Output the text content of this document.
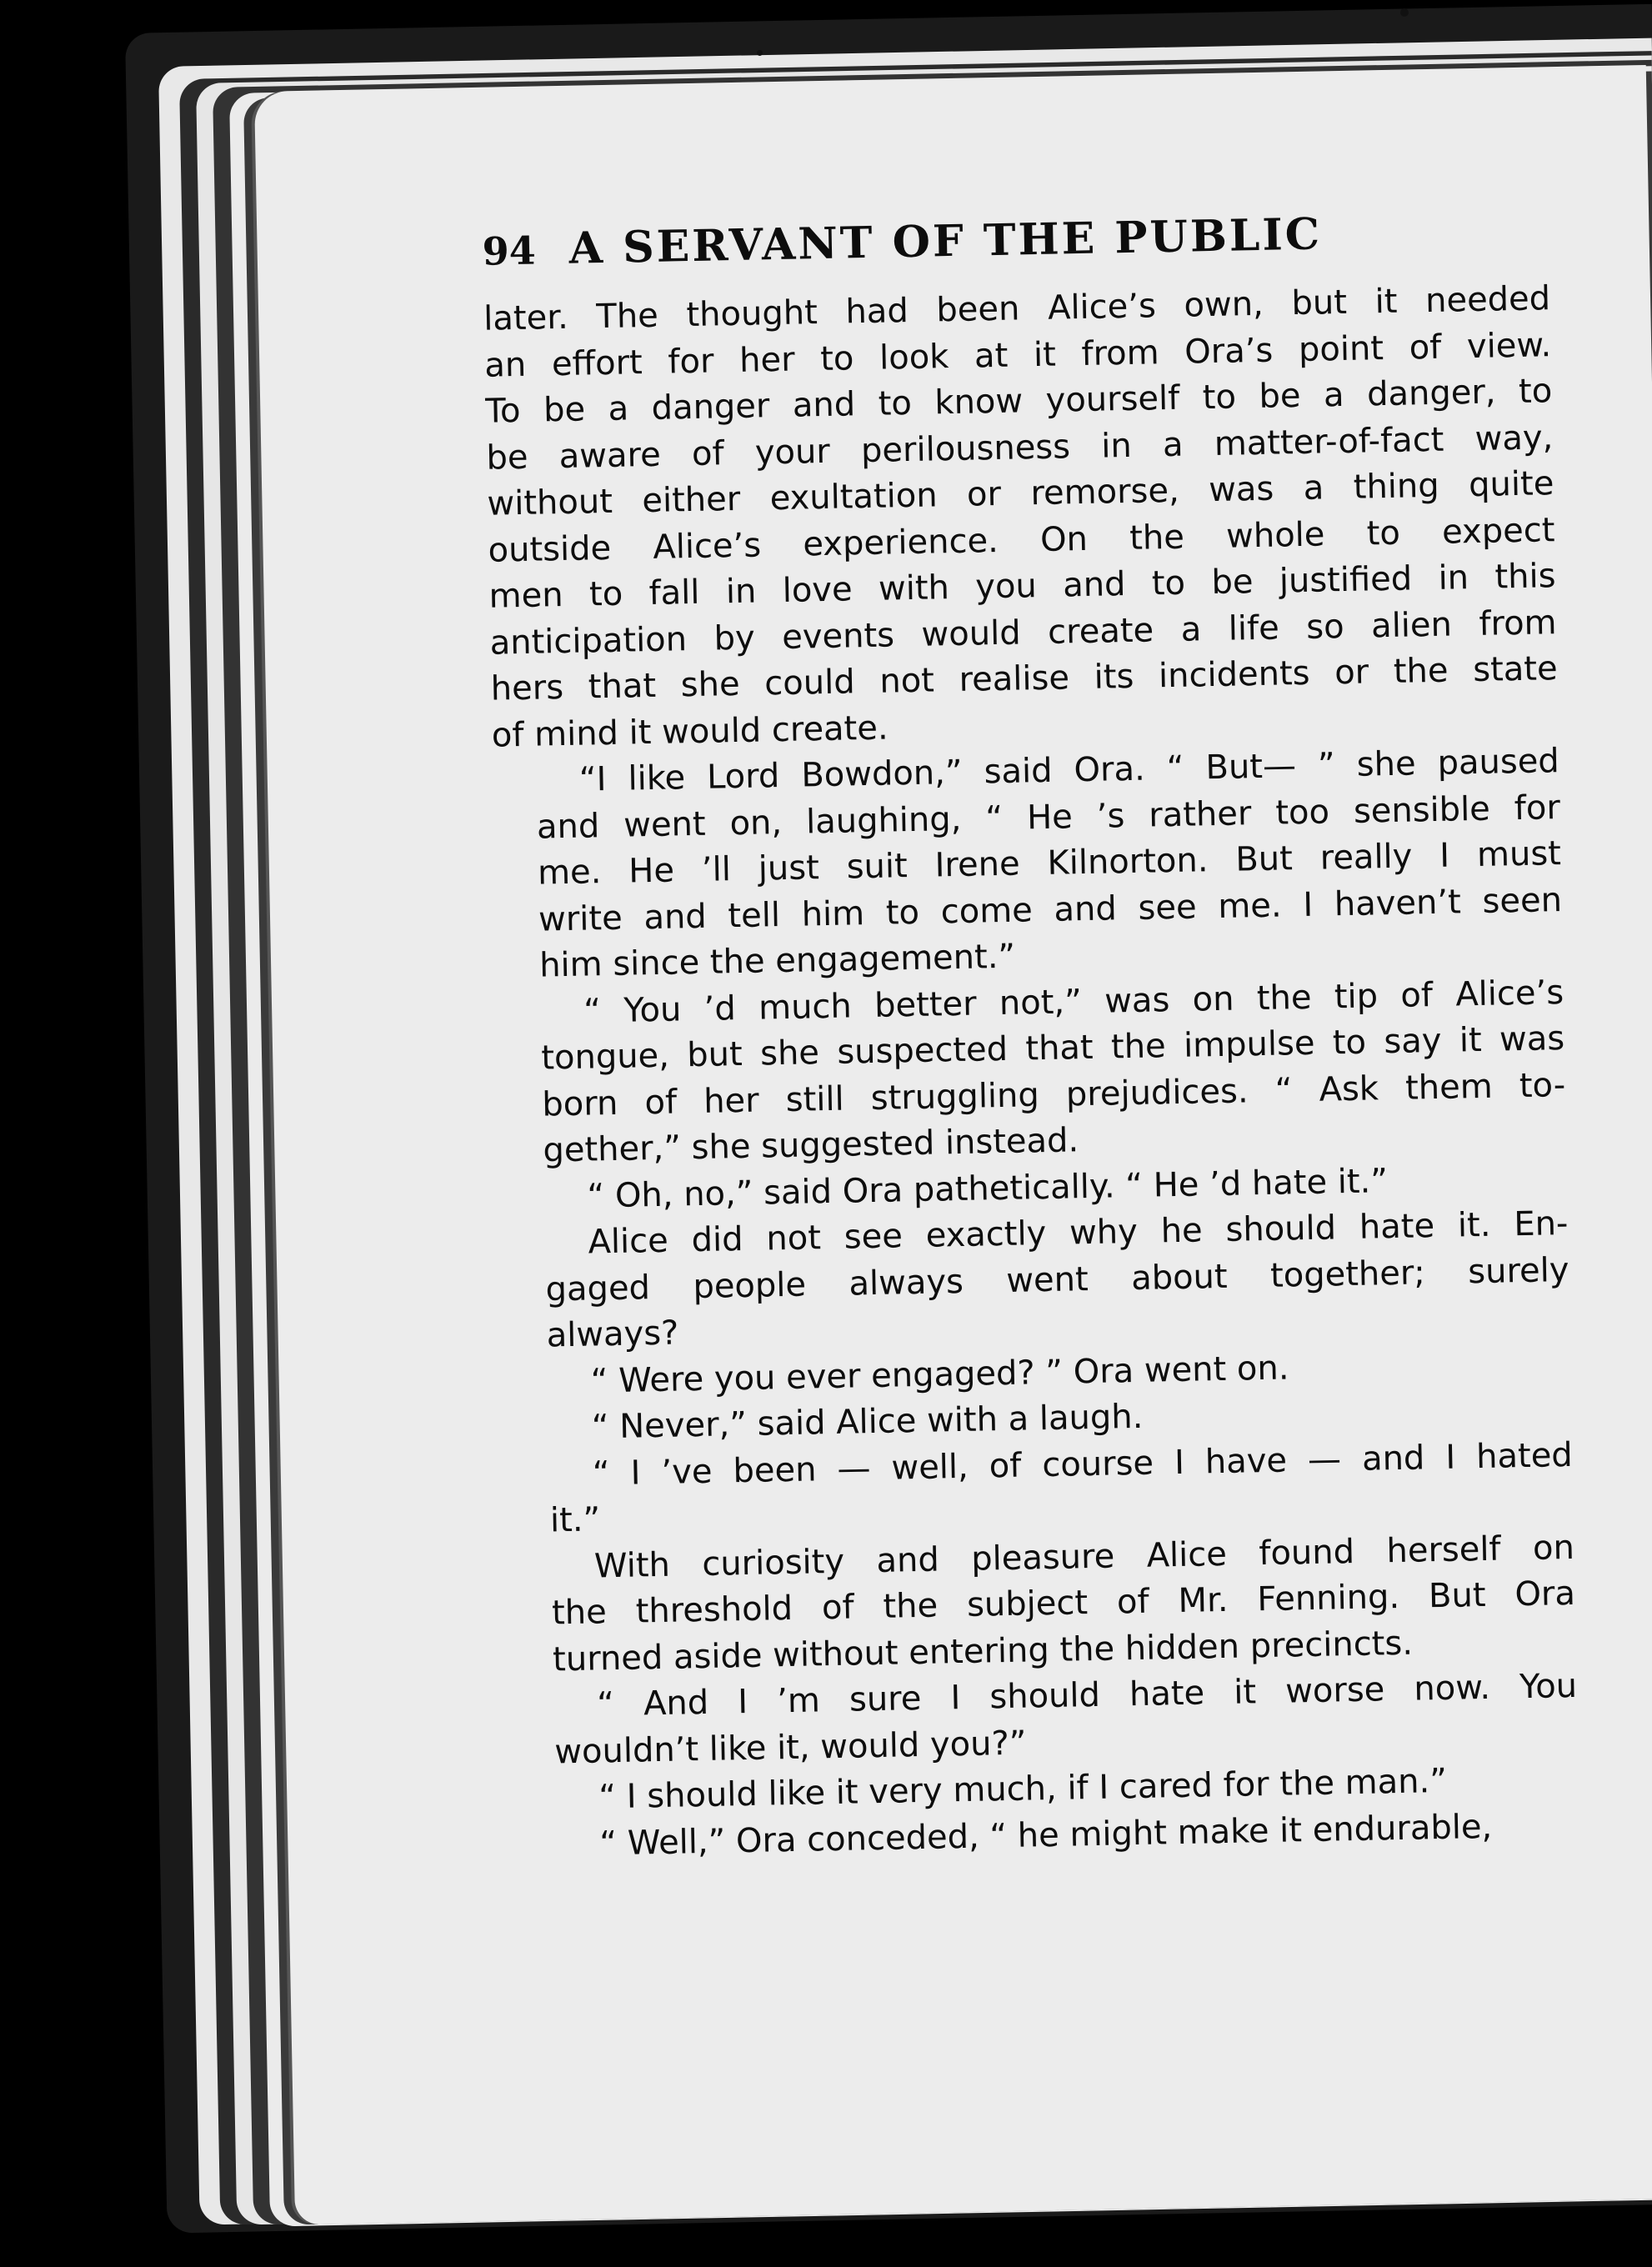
94 A SERVANT OF THE PUBLIC
later. The thought had been Alice’s own, but it needed
an effort for her to look at it from Ora’s point of view.
To be a danger and to know yourself to be a danger, to
be aware of your perilousness in a matter-of-fact way,
without either exultation or remorse, was a thing quite
outside Alice’s experience. On the whole to expect
men to fall in love with you and to be justified in this
anticipation by events would create a life so alien from
hers that she could not realise its incidents or the state
of mind it would create.
“I like Lord Bowdon,” said Ora. “ But— ” she paused
and went on, laughing, “ He ’s rather too sensible for
me. He ’ll just suit Irene Kilnorton. But really I must
write and tell him to come and see me. I haven’t seen
him since the engagement.”
“ You ’d much better not,” was on the tip of Alice’s
tongue, but she suspected that the impulse to say it was
born of her still struggling prejudices. “ Ask them to-
gether,” she suggested instead.
“ Oh, no,” said Ora pathetically. “ He ’d hate it.”
Alice did not see exactly why he should hate it. En-
gaged people always went about together; surely
always?
“ Were you ever engaged? ” Ora went on.
“ Never,” said Alice with a laugh.
“ I ’ve been — well, of course I have — and I hated
it.”
With curiosity and pleasure Alice found herself on
the threshold of the subject of Mr. Fenning. But Ora
turned aside without entering the hidden precincts.
“ And I ’m sure I should hate it worse now. You
wouldn’t like it, would you?”
“ I should like it very much, if I cared for the man.”
“ Well,” Ora conceded, “ he might make it endurable,
